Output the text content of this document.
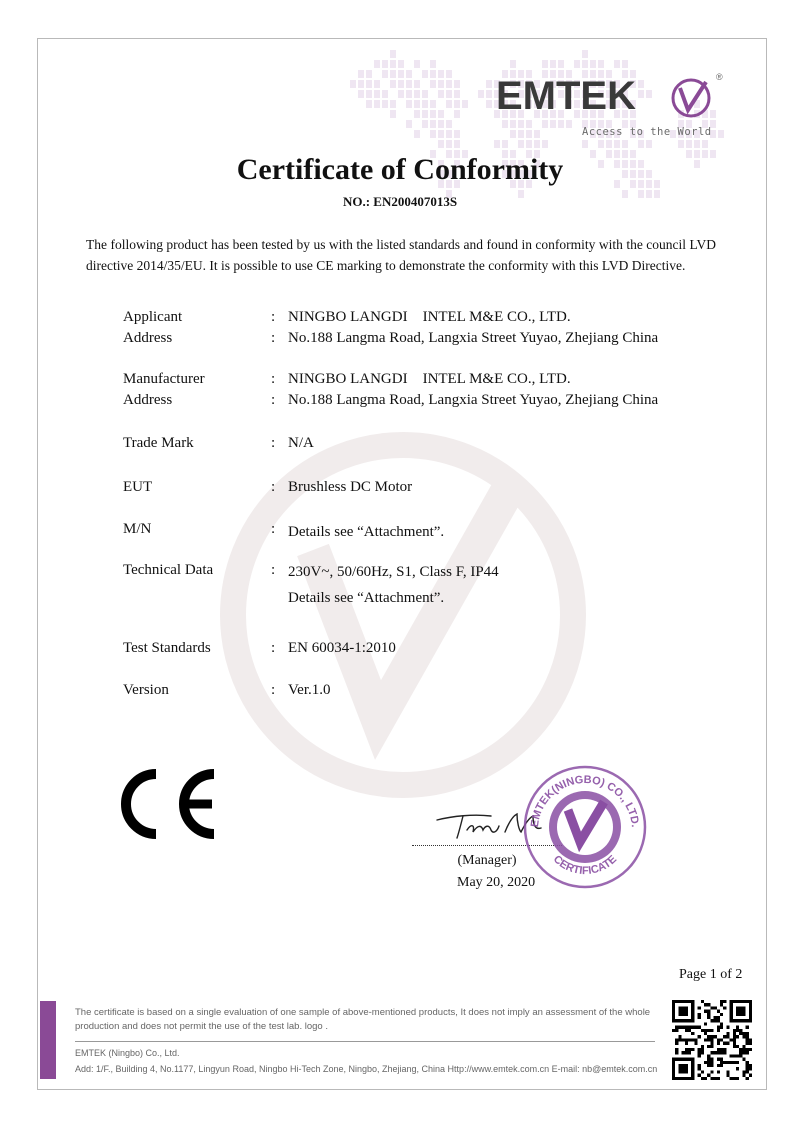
EMTEK	®
Access to the World
Certificate of Conformity
NO.: EN200407013S
The following product has been tested by us with the listed standards and found in conformity with the council LVD directive 2014/35/EU. It is possible to use CE marking to demonstrate the conformity with this LVD Directive.
Applicant	: NINGBO LANGDI    INTEL M&E CO., LTD.
Address	: No.188 Langma Road, Langxia Street Yuyao, Zhejiang China
Manufacturer	: NINGBO LANGDI    INTEL M&E CO., LTD.
Address	: No.188 Langma Road, Langxia Street Yuyao, Zhejiang China
Trade Mark	: N/A
EUT	: Brushless DC Motor
M/N	: Details see “Attachment”.
Technical Data	: 230V~, 50/60Hz, S1, Class F, IP44
Details see “Attachment”.
Test Standards	: EN 60034-1:2010
Version	: Ver.1.0
(Manager)
May 20, 2020
EMTEK(NINGBO) CO., LTD.
CERTIFICATE
Page 1 of 2
The certificate is based on a single evaluation of one sample of above-mentioned products, It does not imply an assessment of the whole production and does not permit the use of the test lab. logo .
EMTEK (Ningbo) Co., Ltd.
Add: 1/F., Building 4, No.1177, Lingyun Road, Ningbo Hi-Tech Zone, Ningbo, Zhejiang, China Http://www.emtek.com.cn E-mail: nb@emtek.com.cn
